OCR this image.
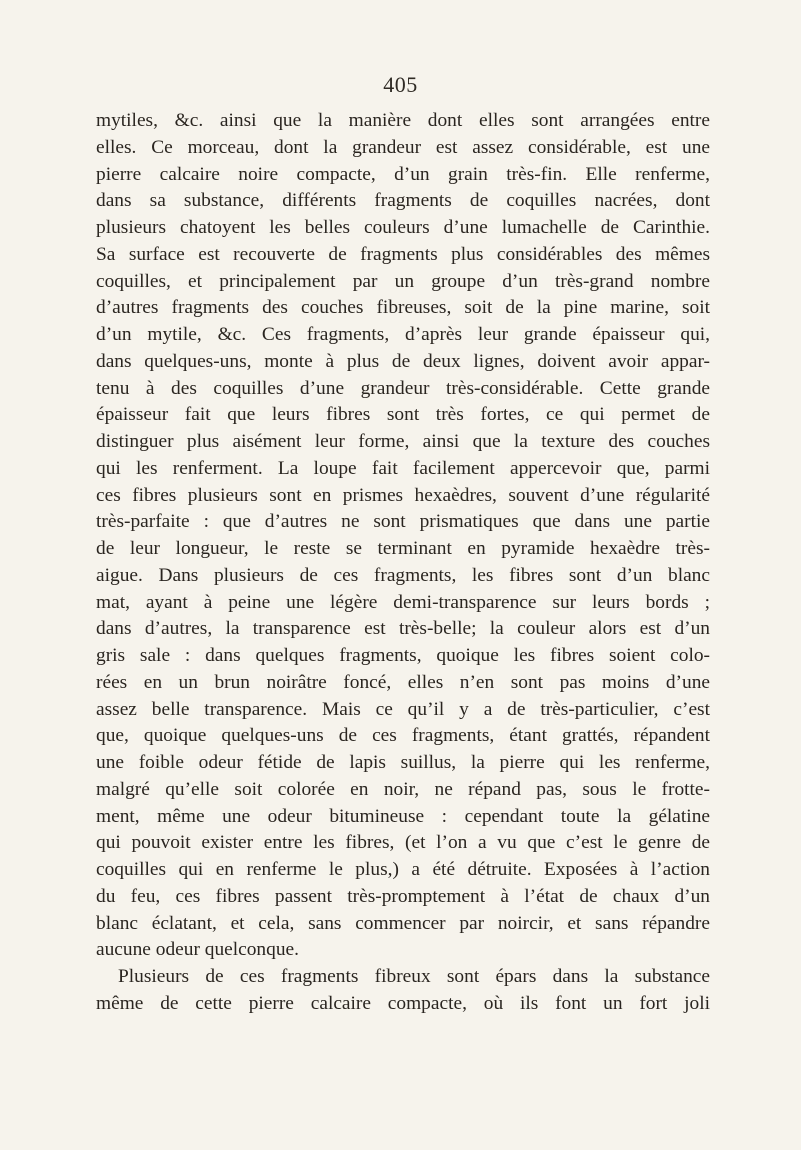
405
mytiles, &c. ainsi que la manière dont elles sont arrangées entre
elles. Ce morceau, dont la grandeur est assez considérable, est une
pierre calcaire noire compacte, d’un grain très-fin. Elle renferme,
dans sa substance, différents fragments de coquilles nacrées, dont
plusieurs chatoyent les belles couleurs d’une lumachelle de Carinthie.
Sa surface est recouverte de fragments plus considérables des mêmes
coquilles, et principalement par un groupe d’un très-grand nombre
d’autres fragments des couches fibreuses, soit de la pine marine, soit
d’un mytile, &c. Ces fragments, d’après leur grande épaisseur qui,
dans quelques-uns, monte à plus de deux lignes, doivent avoir appar-
tenu à des coquilles d’une grandeur très-considérable. Cette grande
épaisseur fait que leurs fibres sont très fortes, ce qui permet de
distinguer plus aisément leur forme, ainsi que la texture des couches
qui les renferment. La loupe fait facilement appercevoir que, parmi
ces fibres plusieurs sont en prismes hexaèdres, souvent d’une régularité
très-parfaite : que d’autres ne sont prismatiques que dans une partie
de leur longueur, le reste se terminant en pyramide hexaèdre très-
aigue. Dans plusieurs de ces fragments, les fibres sont d’un blanc
mat, ayant à peine une légère demi-transparence sur leurs bords ;
dans d’autres, la transparence est très-belle; la couleur alors est d’un
gris sale : dans quelques fragments, quoique les fibres soient colo-
rées en un brun noirâtre foncé, elles n’en sont pas moins d’une
assez belle transparence. Mais ce qu’il y a de très-particulier, c’est
que, quoique quelques-uns de ces fragments, étant grattés, répandent
une foible odeur fétide de lapis suillus, la pierre qui les renferme,
malgré qu’elle soit colorée en noir, ne répand pas, sous le frotte-
ment, même une odeur bitumineuse : cependant toute la gélatine
qui pouvoit exister entre les fibres, (et l’on a vu que c’est le genre de
coquilles qui en renferme le plus,) a été détruite. Exposées à l’action
du feu, ces fibres passent très-promptement à l’état de chaux d’un
blanc éclatant, et cela, sans commencer par noircir, et sans répandre
aucune odeur quelconque.
Plusieurs de ces fragments fibreux sont épars dans la substance
même de cette pierre calcaire compacte, où ils font un fort joli
